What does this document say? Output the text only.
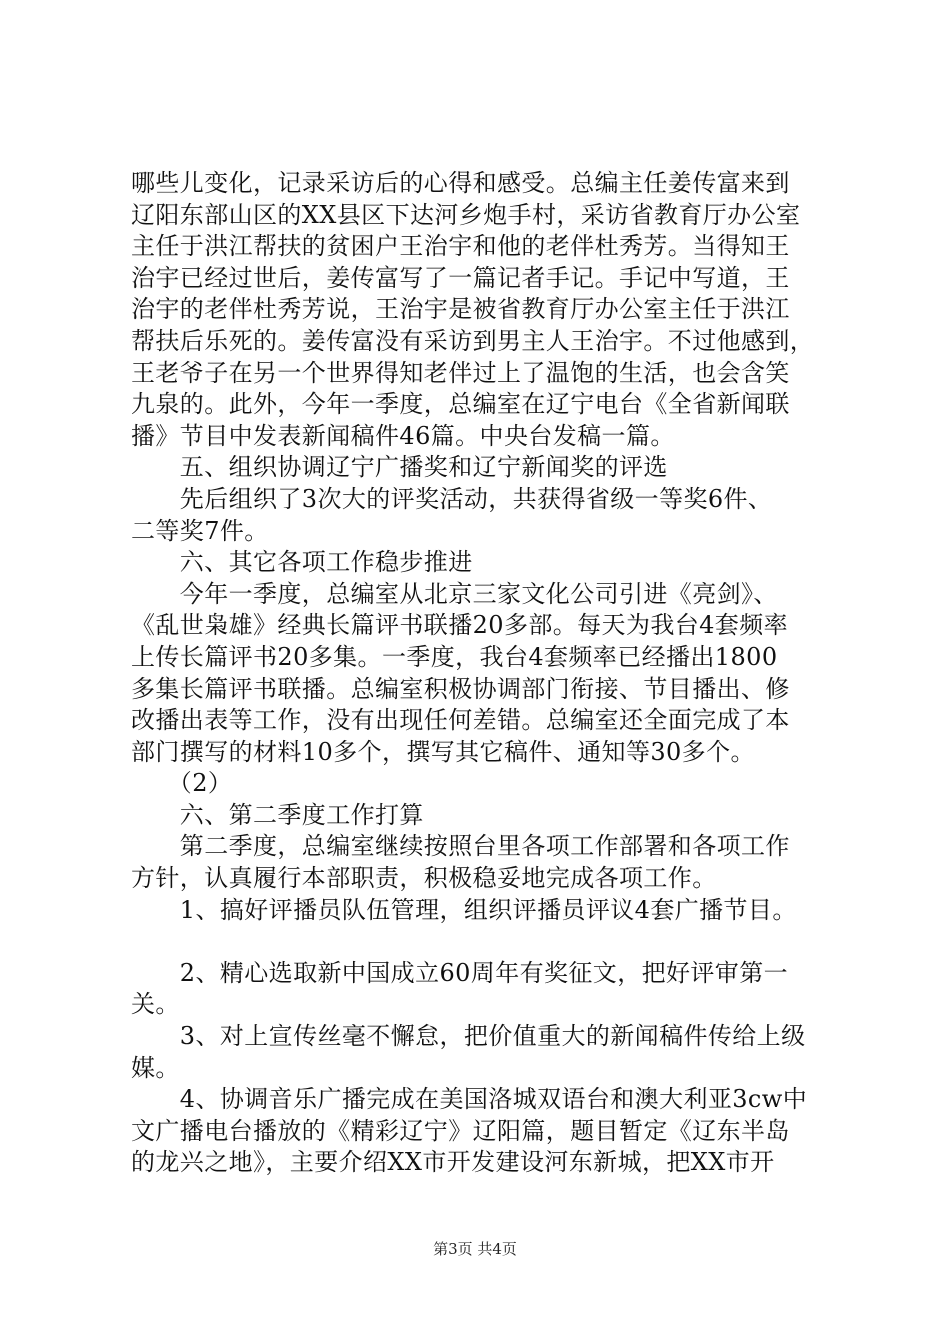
哪些儿变化，记录采访后的心得和感受。总编主任姜传富来到
辽阳东部山区的XX县区下达河乡炮手村，采访省教育厅办公室
主任于洪江帮扶的贫困户王治宇和他的老伴杜秀芳。当得知王
治宇已经过世后，姜传富写了一篇记者手记。手记中写道，王
治宇的老伴杜秀芳说，王治宇是被省教育厅办公室主任于洪江
帮扶后乐死的。姜传富没有采访到男主人王治宇。不过他感到，
王老爷子在另一个世界得知老伴过上了温饱的生活，也会含笑
九泉的。此外，今年一季度，总编室在辽宁电台《全省新闻联
播》节目中发表新闻稿件46篇。中央台发稿一篇。
　　五、组织协调辽宁广播奖和辽宁新闻奖的评选
　　先后组织了3次大的评奖活动，共获得省级一等奖6件、
二等奖7件。
　　六、其它各项工作稳步推进
　　今年一季度，总编室从北京三家文化公司引进《亮剑》、
《乱世枭雄》经典长篇评书联播20多部。每天为我台4套频率
上传长篇评书20多集。一季度，我台4套频率已经播出1800
多集长篇评书联播。总编室积极协调部门衔接、节目播出、修
改播出表等工作，没有出现任何差错。总编室还全面完成了本
部门撰写的材料10多个，撰写其它稿件、通知等30多个。
　　（2）
　　六、第二季度工作打算
　　第二季度，总编室继续按照台里各项工作部署和各项工作
方针，认真履行本部职责，积极稳妥地完成各项工作。
　　1、搞好评播员队伍管理，组织评播员评议4套广播节目。
　　2、精心选取新中国成立60周年有奖征文，把好评审第一
关。
　　3、对上宣传丝毫不懈怠，把价值重大的新闻稿件传给上级
媒。
　　4、协调音乐广播完成在美国洛城双语台和澳大利亚3cw中
文广播电台播放的《精彩辽宁》辽阳篇，题目暂定《辽东半岛
的龙兴之地》，主要介绍XX市开发建设河东新城，把XX市开
第3页 共4页
